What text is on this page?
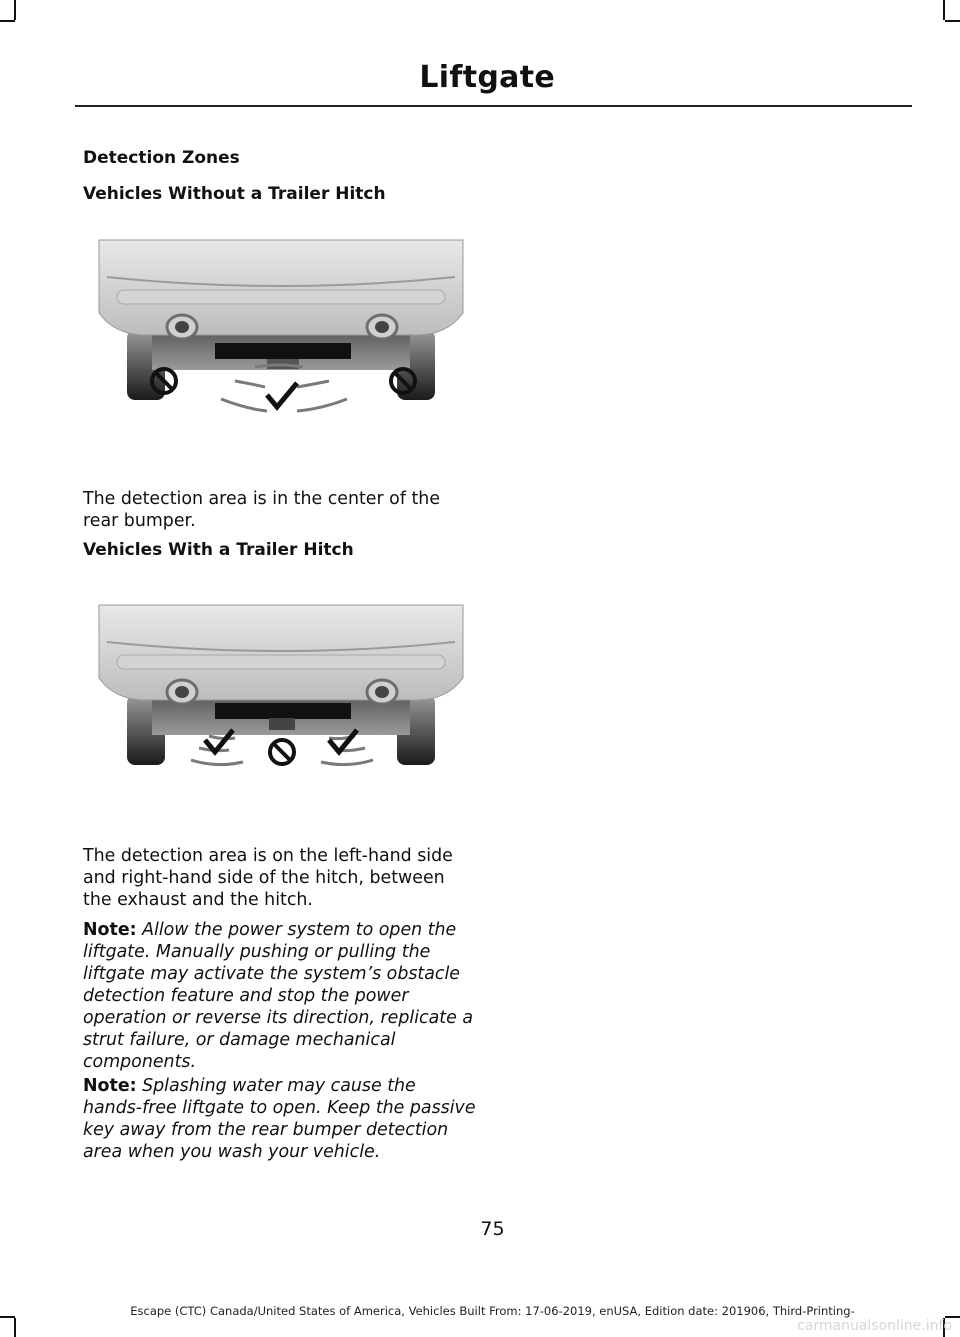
Liftgate

Detection Zones

Vehicles Without a Trailer Hitch

The detection area is in the center of the rear bumper.

Vehicles With a Trailer Hitch

The detection area is on the left-hand side and right-hand side of the hitch, between the exhaust and the hitch.

Note: Allow the power system to open the liftgate. Manually pushing or pulling the liftgate may activate the system’s obstacle detection feature and stop the power operation or reverse its direction, replicate a strut failure, or damage mechanical components.

Note: Splashing water may cause the hands-free liftgate to open. Keep the passive key away from the rear bumper detection area when you wash your vehicle.

75
Escape (CTC) Canada/United States of America, Vehicles Built From: 17-06-2019, enUSA, Edition date: 201906, Third-Printing-
carmanualsonline.info
